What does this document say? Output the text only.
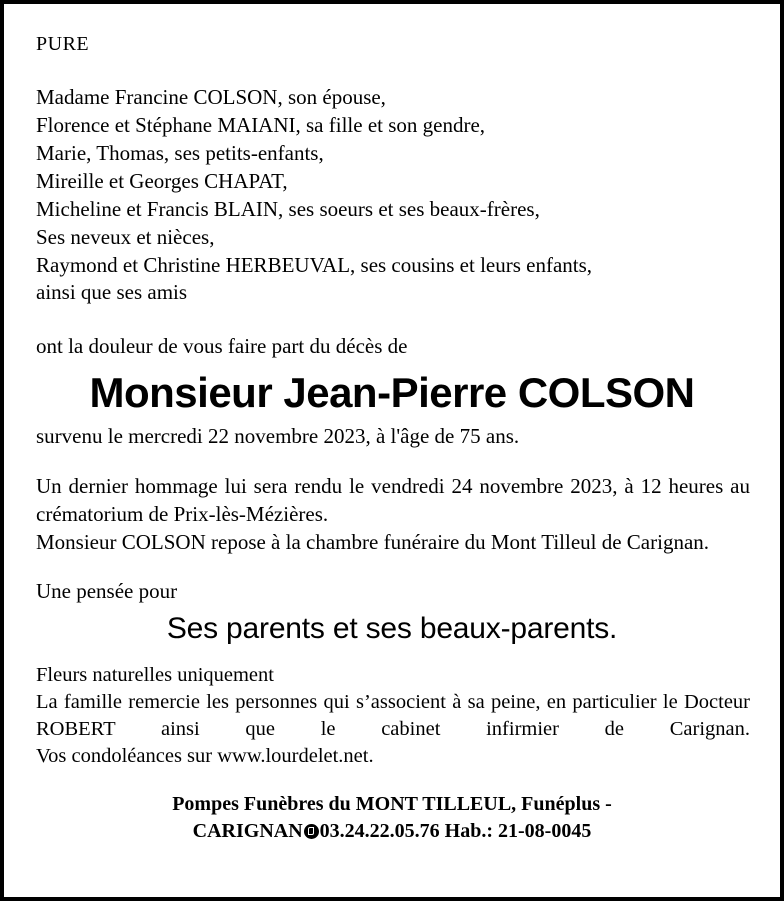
PURE
Madame Francine COLSON, son épouse,
Florence et Stéphane MAIANI, sa fille et son gendre,
Marie, Thomas, ses petits-enfants,
Mireille et Georges CHAPAT,
Micheline et Francis BLAIN, ses soeurs et ses beaux-frères,
Ses neveux et nièces,
Raymond et Christine HERBEUVAL, ses cousins et leurs enfants,
ainsi que ses amis
ont la douleur de vous faire part du décès de
Monsieur Jean-Pierre COLSON
survenu le mercredi 22 novembre 2023, à l'âge de 75 ans.
Un dernier hommage lui sera rendu le vendredi 24 novembre 2023, à 12 heures au crématorium de Prix-lès-Mézières.
Monsieur COLSON repose à la chambre funéraire du Mont Tilleul de Carignan.
Une pensée pour
Ses parents et ses beaux-parents.
Fleurs naturelles uniquement
La famille remercie les personnes qui s’associent à sa peine, en particulier le Docteur ROBERT ainsi que le cabinet infirmier de Carignan.
Vos condoléances sur www.lourdelet.net.
Pompes Funèbres du MONT TILLEUL, Funéplus -
CARIGNAN 03.24.22.05.76 Hab.: 21-08-0045
